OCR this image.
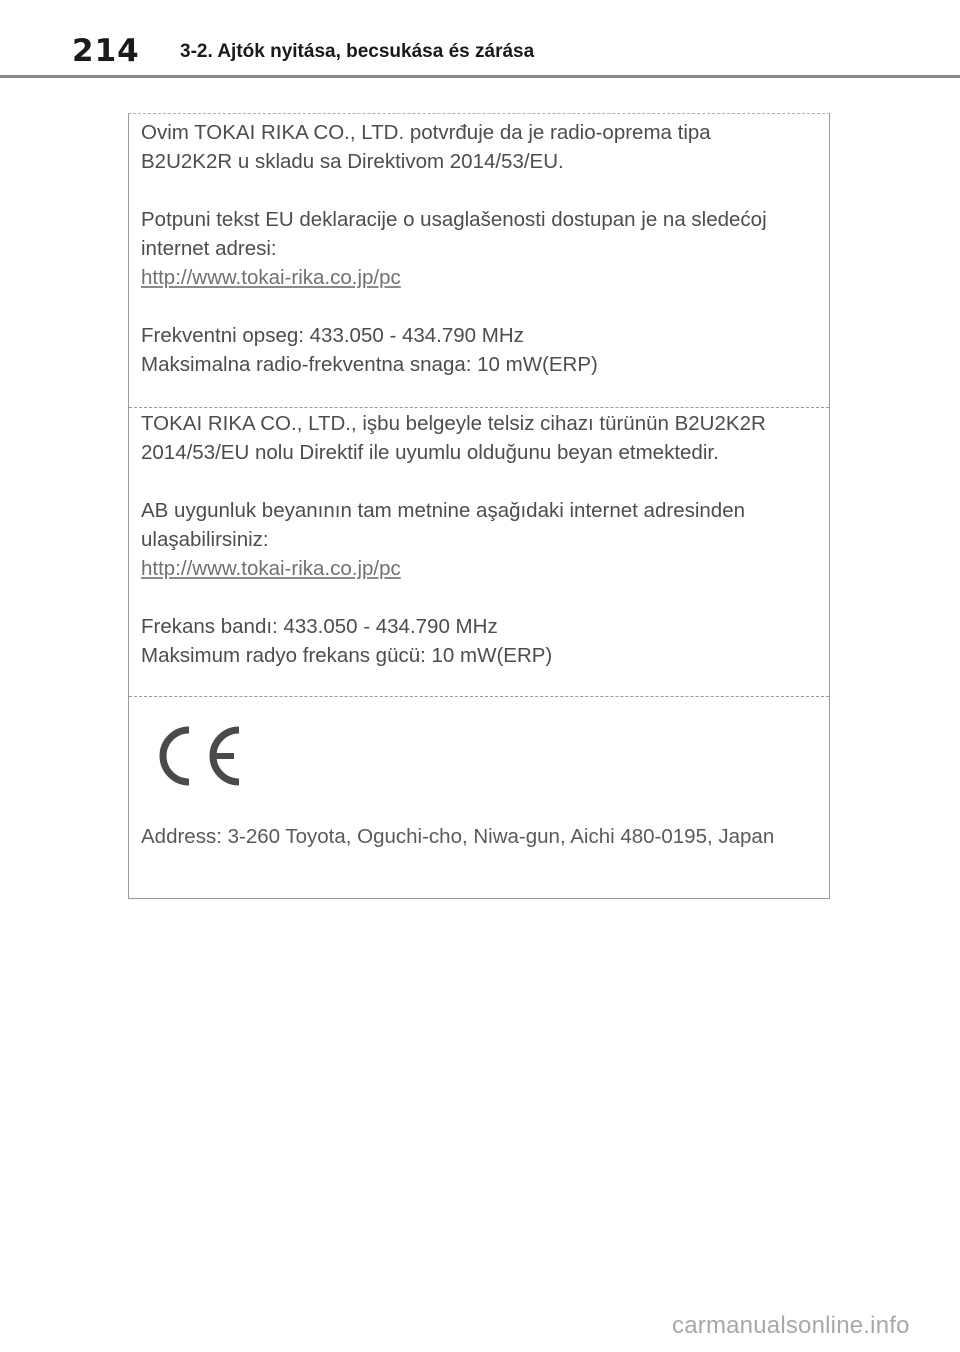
214 3-2. Ajtók nyitása, becsukása és zárása

Ovim TOKAI RIKA CO., LTD. potvrđuje da je radio-oprema tipa

B2U2K2R u skladu sa Direktivom 2014/53/EU.

Potpuni tekst EU deklaracije o usaglašenosti dostupan je na sledećoj

internet adresi:

http://www.tokai-rika.co.jp/pc

Frekventni opseg: 433.050 - 434.790 MHz

Maksimalna radio-frekventna snaga: 10 mW(ERP)

TOKAI RIKA CO., LTD., işbu belgeyle telsiz cihazı türünün B2U2K2R

2014/53/EU nolu Direktif ile uyumlu olduğunu beyan etmektedir.

AB uygunluk beyanının tam metnine aşağıdaki internet adresinden

ulaşabilirsiniz:

http://www.tokai-rika.co.jp/pc

Frekans bandı: 433.050 - 434.790 MHz

Maksimum radyo frekans gücü: 10 mW(ERP)

Address: 3-260 Toyota, Oguchi-cho, Niwa-gun, Aichi 480-0195, Japan
carmanualsonline.info
